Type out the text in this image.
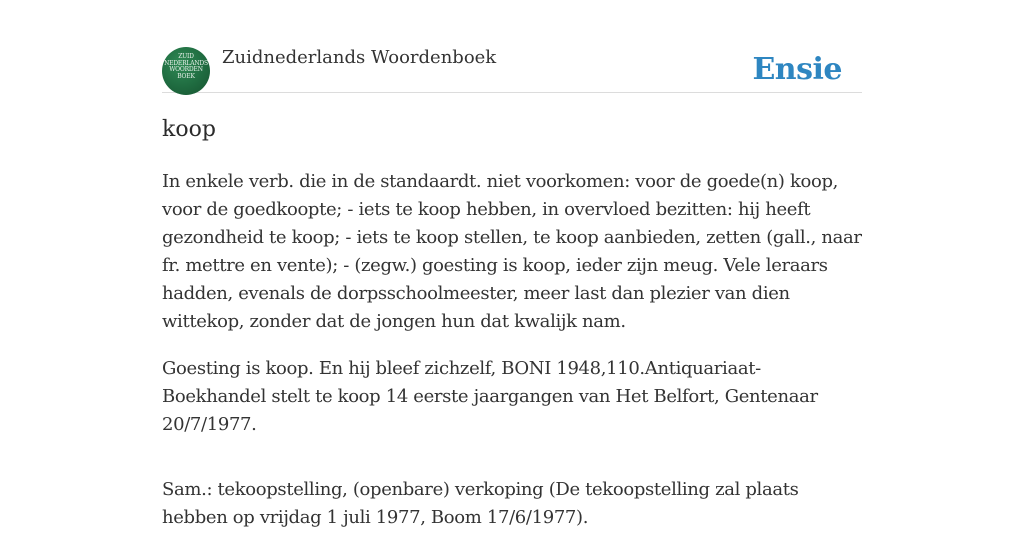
ZUID
NEDERLANDS
WOORDEN
BOEK
Zuidnederlands Woordenboek	Ensie
koop

In enkele verb. die in de standaardt. niet voorkomen: voor de goede(n) koop, voor de goedkoopte; - iets te koop hebben, in overvloed bezitten: hij heeft gezondheid te koop; - iets te koop stellen, te koop aanbieden, zetten (gall., naar fr. mettre en vente); - (zegw.) goesting is koop, ieder zijn meug. Vele leraars hadden, evenals de dorpsschoolmeester, meer last dan plezier van dien wittekop, zonder dat de jongen hun dat kwalijk nam.

Goesting is koop. En hij bleef zichzelf, BONI 1948,110.Antiquariaat-Boekhandel stelt te koop 14 eerste jaargangen van Het Belfort, Gentenaar 20/7/1977.

Sam.: tekoopstelling, (openbare) verkoping (De tekoopstelling zal plaats hebben op vrijdag 1 juli 1977, Boom 17/6/1977).
